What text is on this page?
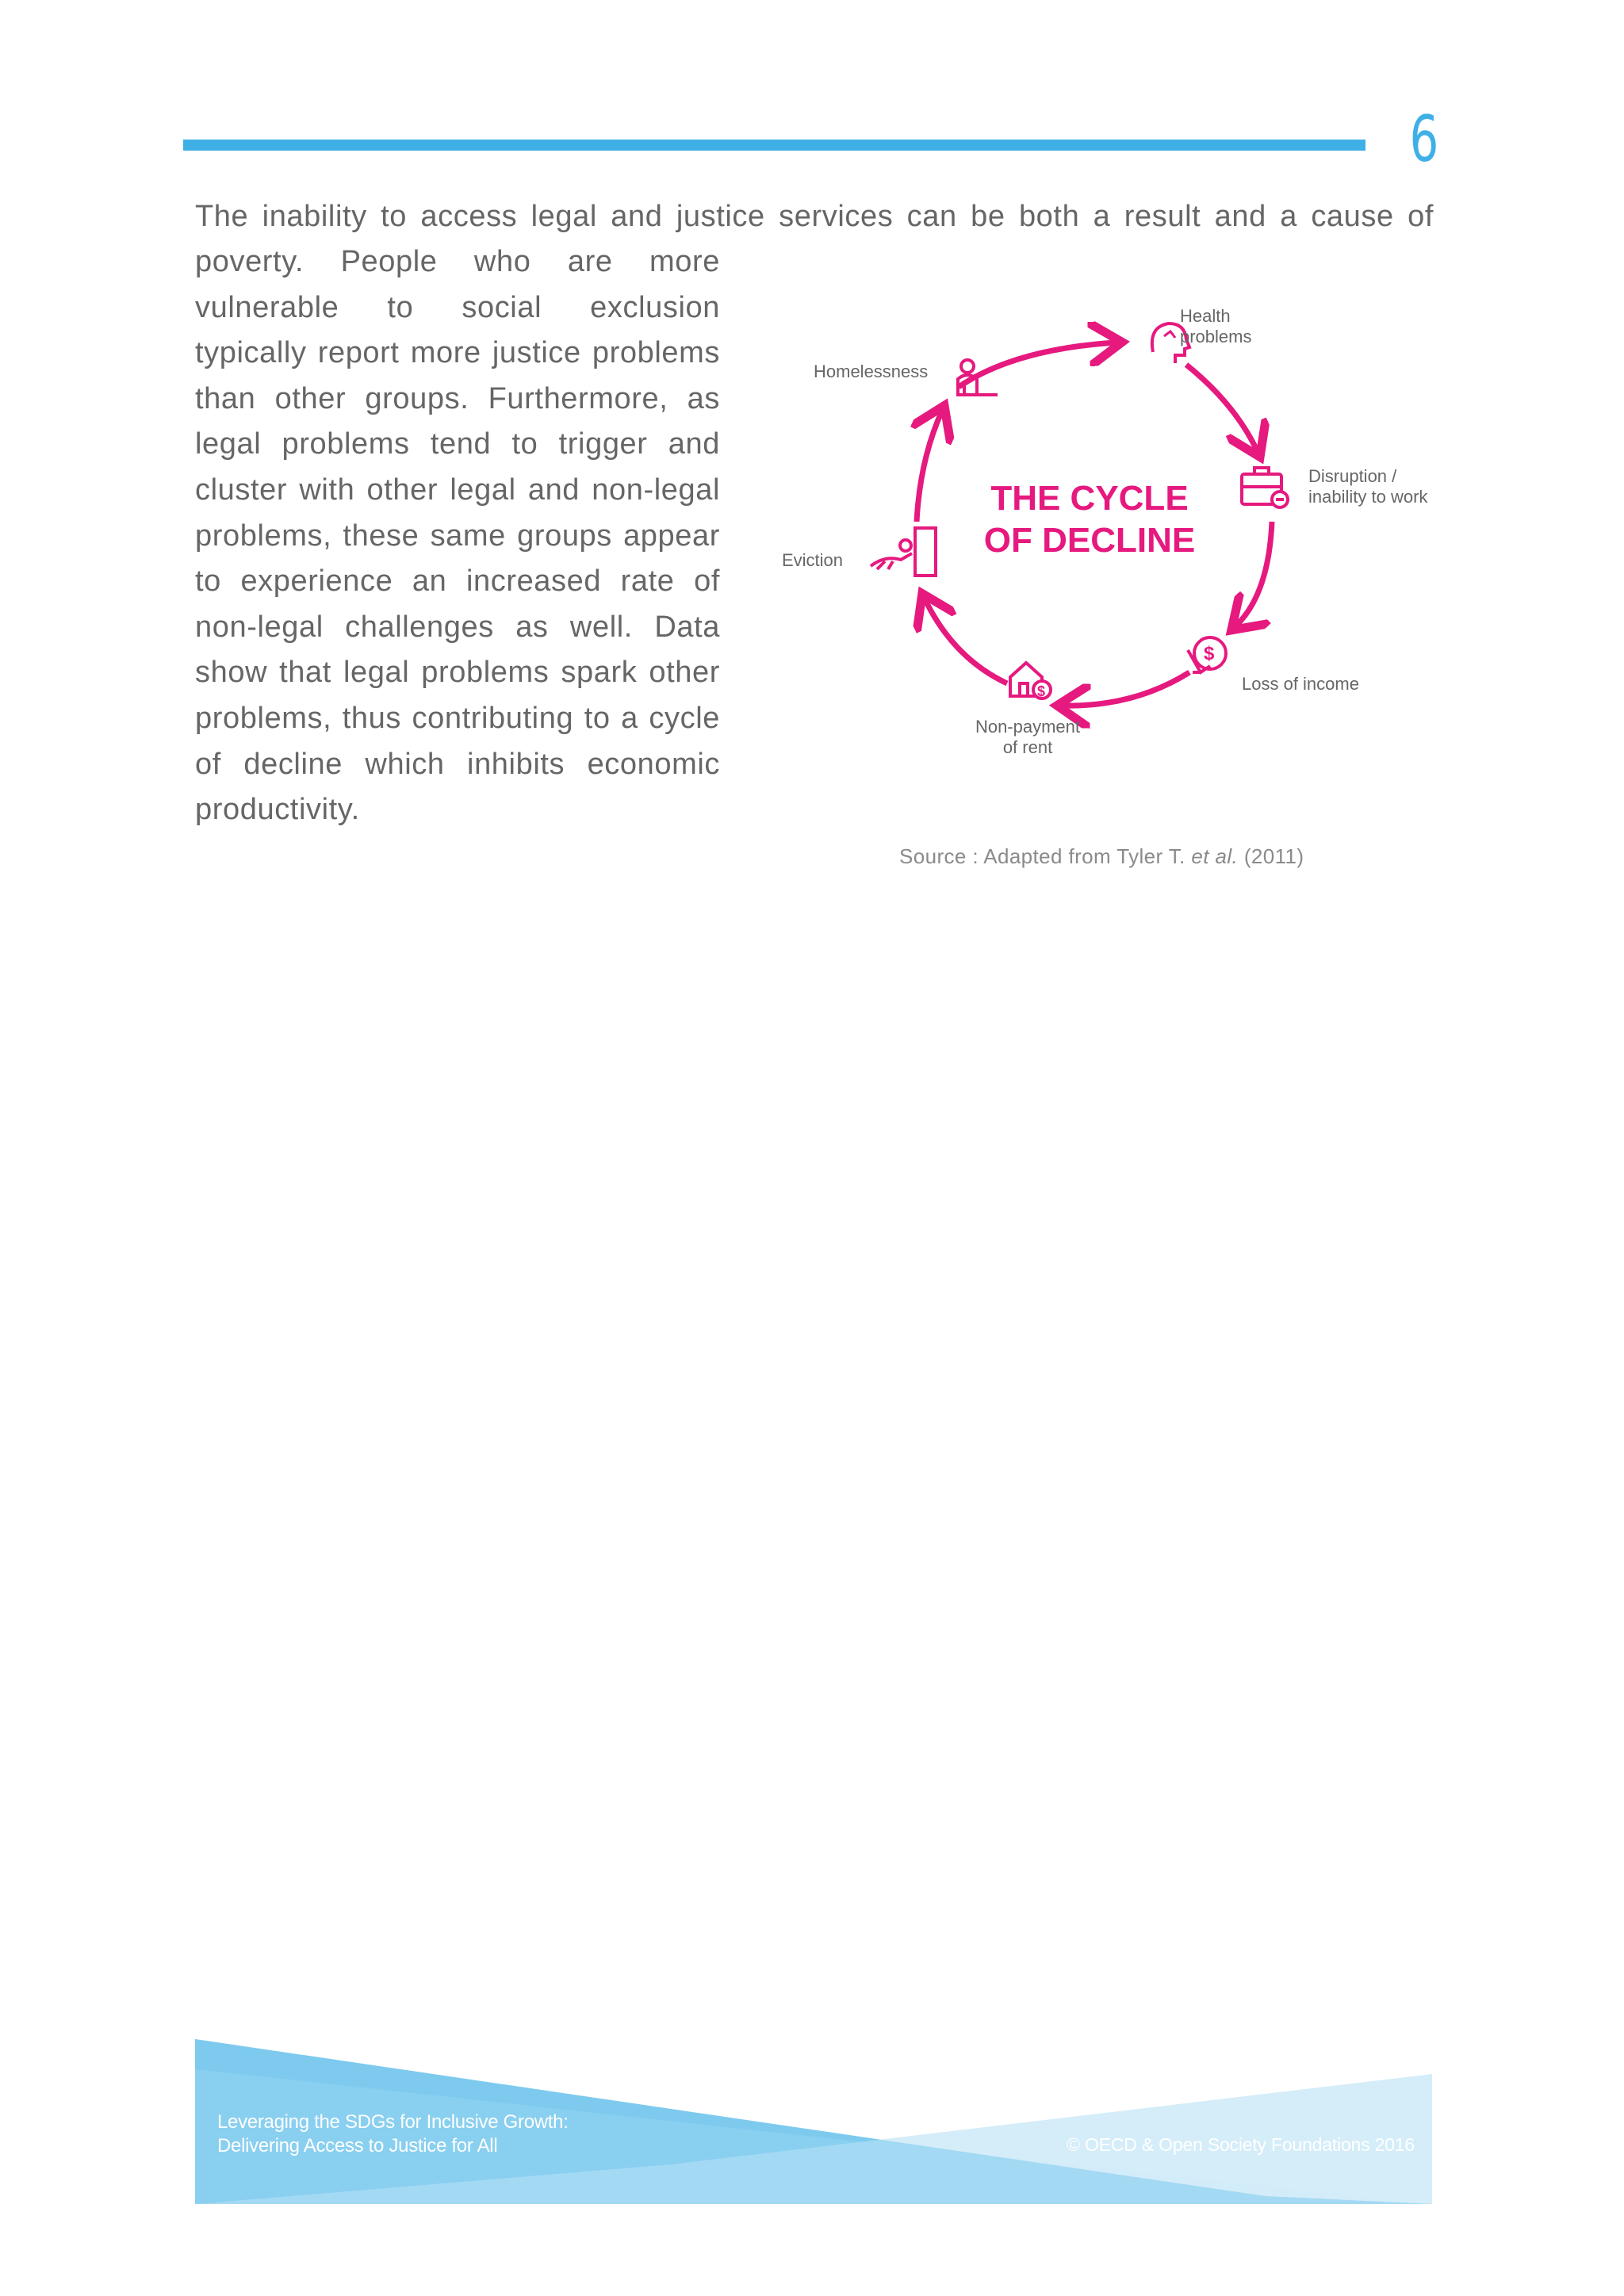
6

The inability to access legal and justice services can be both a result and a cause of

poverty. People who are more vulnerable to social exclusion typically report more justice problems than other groups. Furthermore, as legal problems tend to trigger and cluster with other legal and non-legal problems, these same groups appear to experience an increased rate of non-legal challenges as well. Data show that legal problems spark other problems, thus contributing to a cycle of decline which inhibits economic productivity.

THE CYCLE
OF DECLINE
Health
problems
Disruption /
inability to work
$
Loss of income
$
Non-payment
of rent
Eviction
Homelessness
Source : Adapted from Tyler T. et al. (2011)
Leveraging the SDGs for Inclusive Growth:
Delivering Access to Justice for All	© OECD & Open Society Foundations 2016
